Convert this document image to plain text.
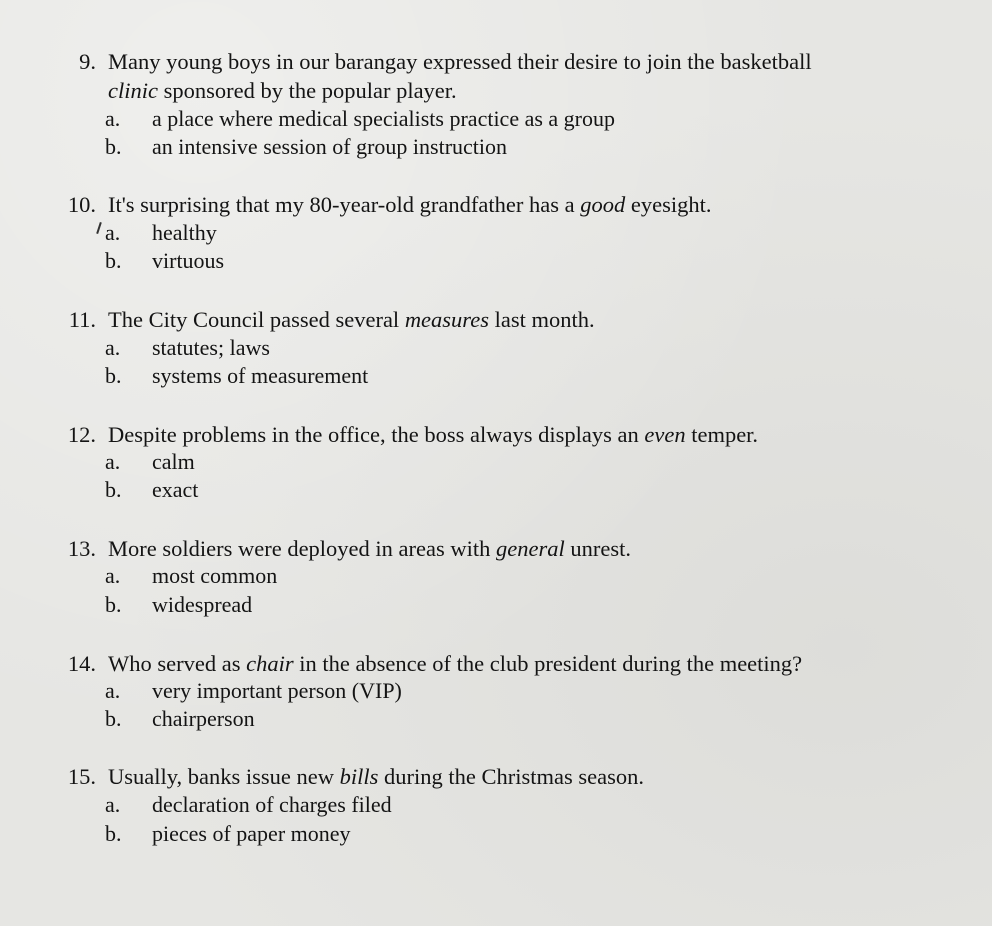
9. Many young boys in our barangay expressed their desire to join the basketball
clinic sponsored by the popular player.
a.	a place where medical specialists practice as a group
b.	an intensive session of group instruction
10. It's surprising that my 80-year-old grandfather has a good eyesight.
a.	healthy
b.	virtuous
11. The City Council passed several measures last month.
a.	statutes; laws
b.	systems of measurement
12. Despite problems in the office, the boss always displays an even temper.
a.	calm
b.	exact
13. More soldiers were deployed in areas with general unrest.
a.	most common
b.	widespread
14. Who served as chair in the absence of the club president during the meeting?
a.	very important person (VIP)
b.	chairperson
15. Usually, banks issue new bills during the Christmas season.
a.	declaration of charges filed
b.	pieces of paper money
